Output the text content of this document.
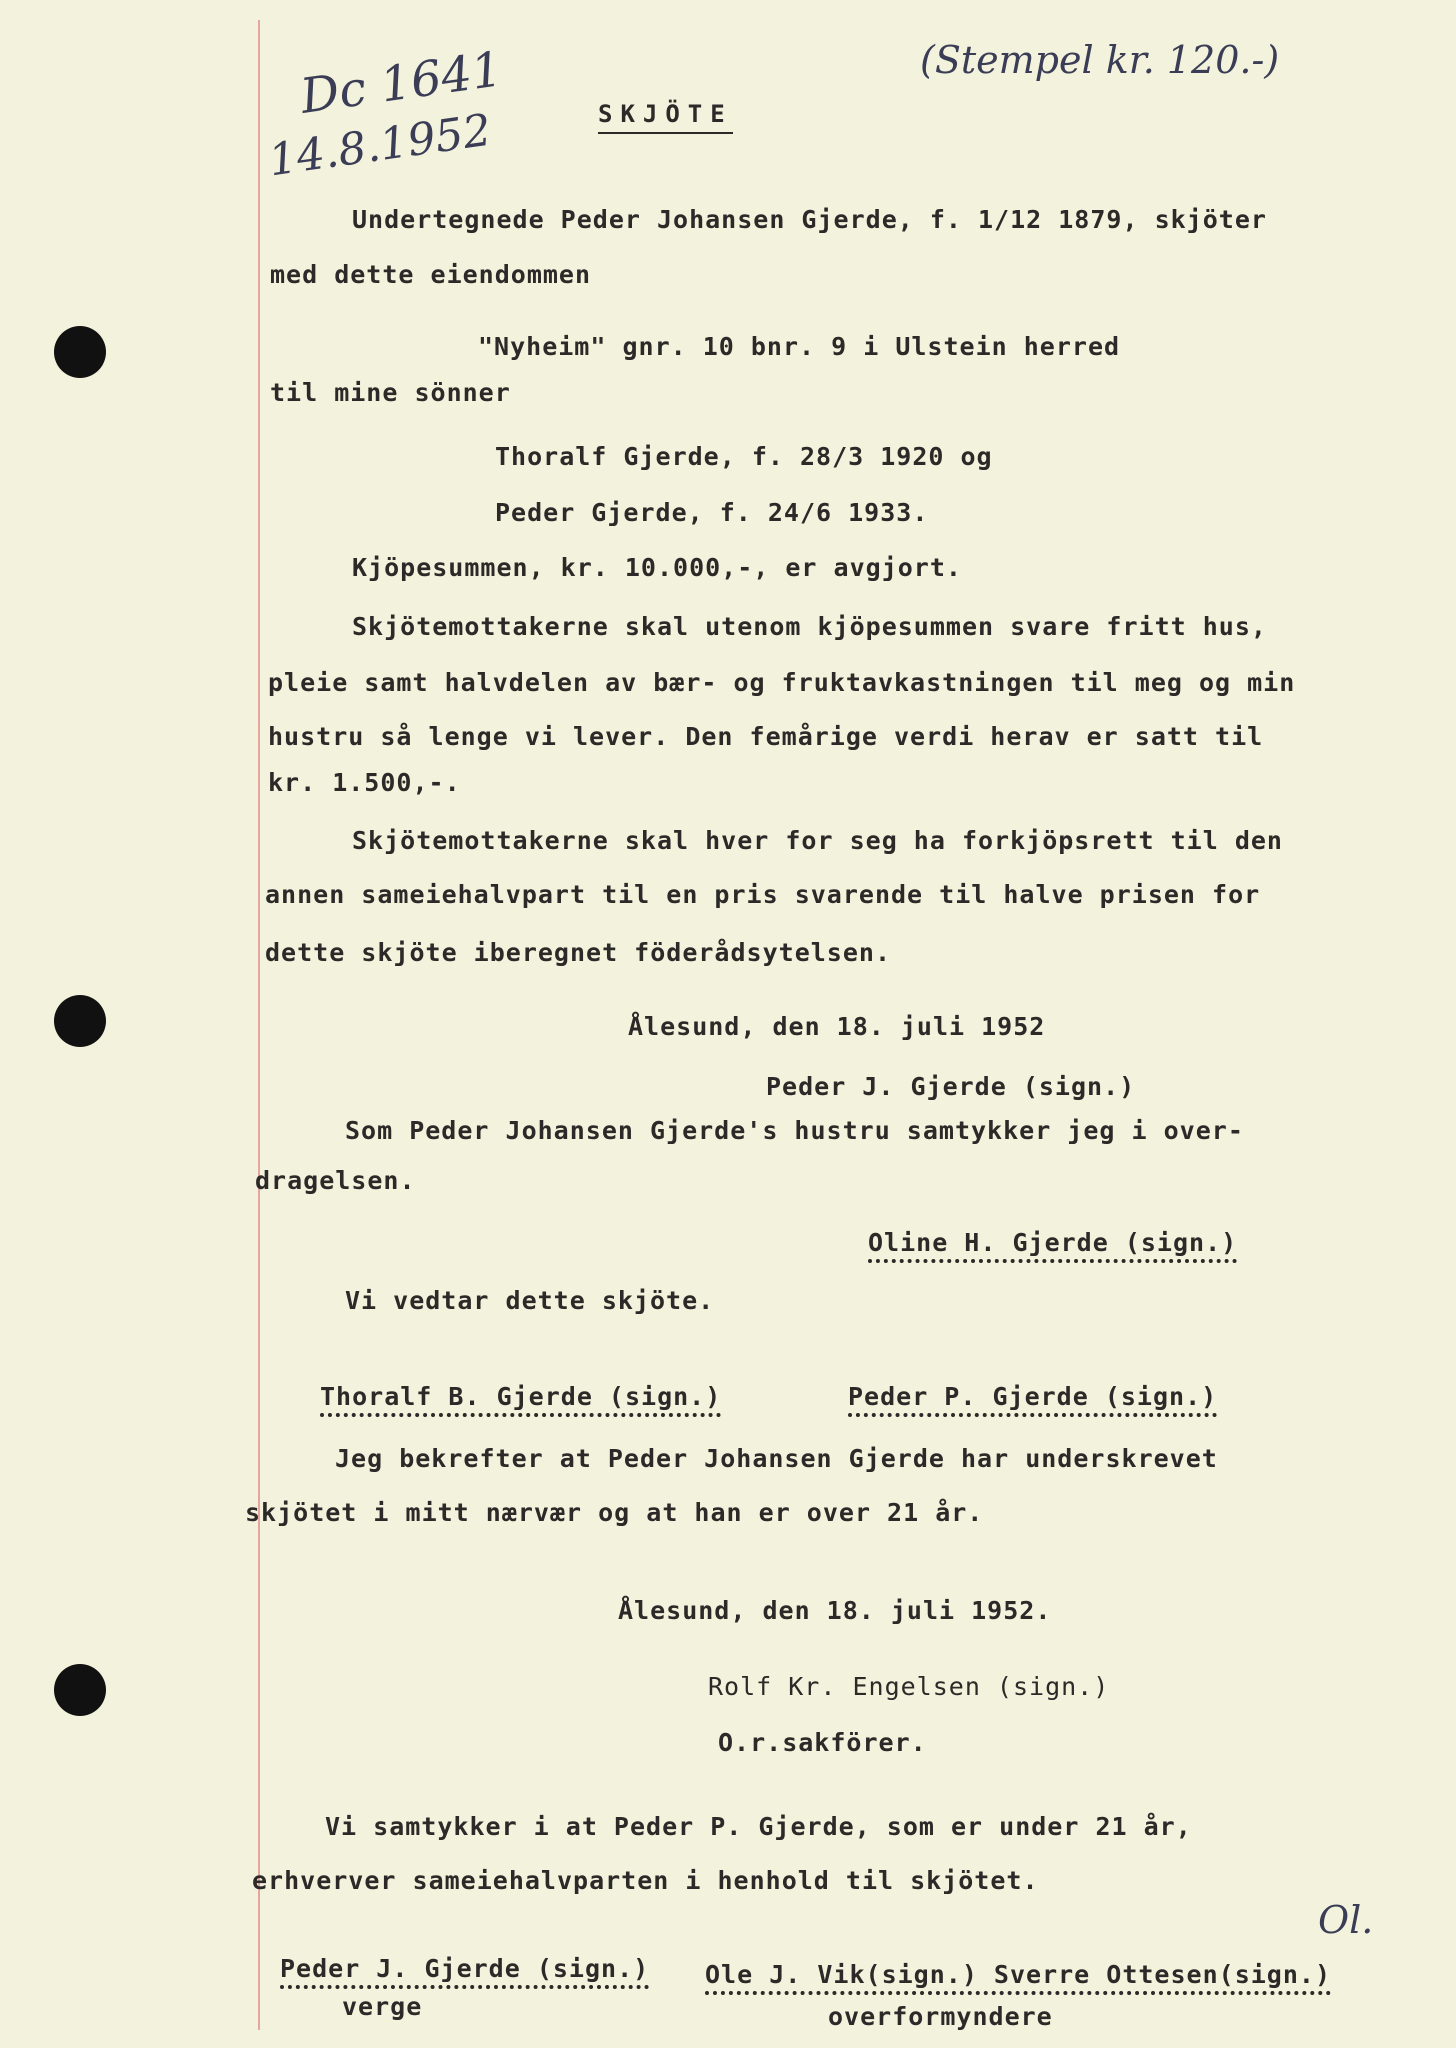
Dc 1641
14.8.1952
(Stempel kr. 120.-)
Ol.
SKJÖTE
Undertegnede Peder Johansen Gjerde, f. 1/12 1879, skjöter
med dette eiendommen
"Nyheim" gnr. 10 bnr. 9 i Ulstein herred
til mine sönner
Thoralf Gjerde, f. 28/3 1920 og
Peder Gjerde, f. 24/6 1933.
Kjöpesummen, kr. 10.000,-, er avgjort.
Skjötemottakerne skal utenom kjöpesummen svare fritt hus,
pleie samt halvdelen av bær- og fruktavkastningen til meg og min
hustru så lenge vi lever. Den femårige verdi herav er satt til
kr. 1.500,-.
Skjötemottakerne skal hver for seg ha forkjöpsrett til den
annen sameiehalvpart til en pris svarende til halve prisen for
dette skjöte iberegnet föderådsytelsen.
Ålesund, den 18. juli 1952
Peder J. Gjerde (sign.)
Som Peder Johansen Gjerde's hustru samtykker jeg i over-
dragelsen.
Oline H. Gjerde (sign.)
Vi vedtar dette skjöte.
Thoralf B. Gjerde (sign.)	Peder P. Gjerde (sign.)
Jeg bekrefter at Peder Johansen Gjerde har underskrevet
skjötet i mitt nærvær og at han er over 21 år.
Ålesund, den 18. juli 1952.
Rolf Kr. Engelsen (sign.)
O.r.sakförer.
Vi samtykker i at Peder P. Gjerde, som er under 21 år,
erhverver sameiehalvparten i henhold til skjötet.
Peder J. Gjerde (sign.)
verge
Ole J. Vik(sign.) Sverre Ottesen(sign.)
overformyndere
